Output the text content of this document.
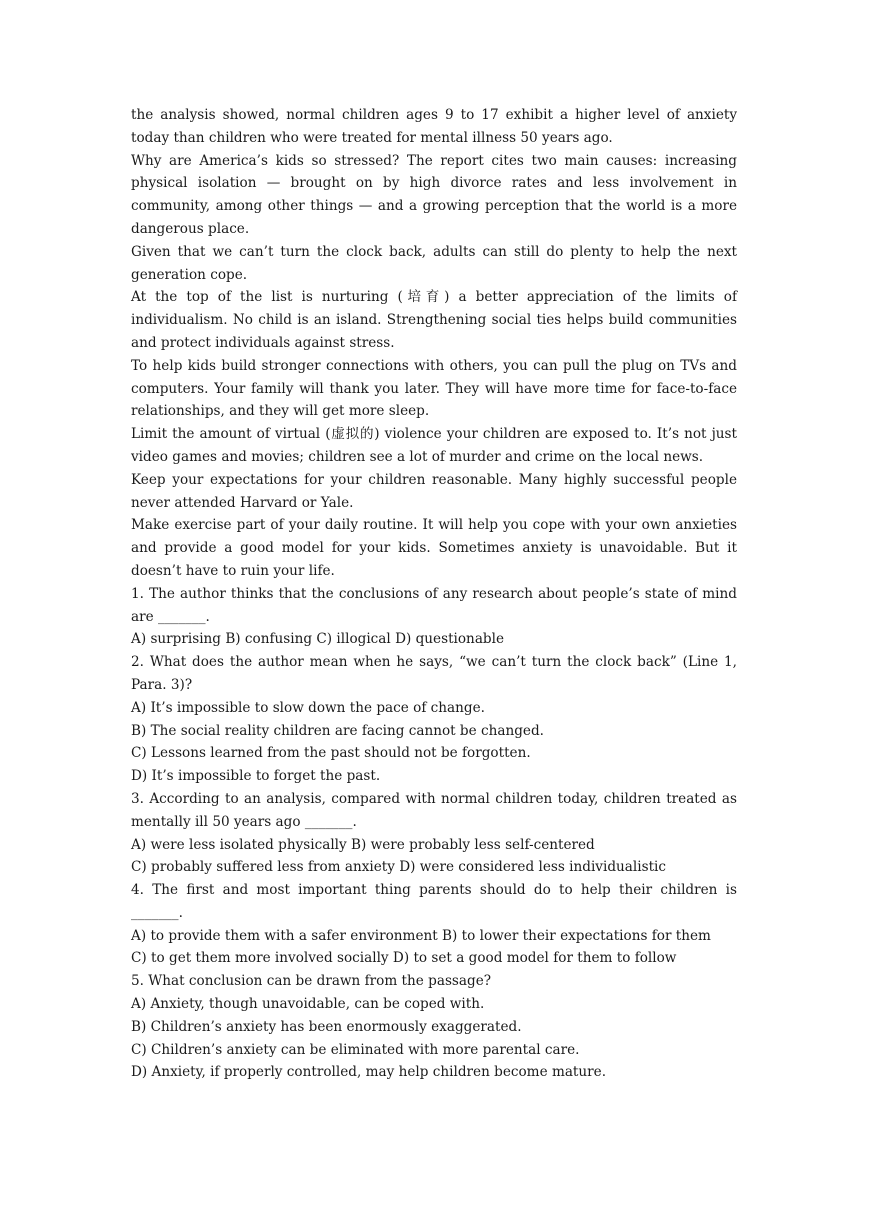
the analysis showed, normal children ages 9 to 17 exhibit a higher level of anxiety today than children who were treated for mental illness 50 years ago.

Why are America’s kids so stressed? The report cites two main causes: increasing physical isolation — brought on by high divorce rates and less involvement in community, among other things — and a growing perception that the world is a more dangerous place.

Given that we can’t turn the clock back, adults can still do plenty to help the next generation cope.

At the top of the list is nurturing (培育) a better appreciation of the limits of individualism. No child is an island. Strengthening social ties helps build communities and protect individuals against stress.

To help kids build stronger connections with others, you can pull the plug on TVs and computers. Your family will thank you later. They will have more time for face-to-face relationships, and they will get more sleep.

Limit the amount of virtual (虚拟的) violence your children are exposed to. It’s not just video games and movies; children see a lot of murder and crime on the local news.

Keep your expectations for your children reasonable. Many highly successful people never attended Harvard or Yale.

Make exercise part of your daily routine. It will help you cope with your own anxieties and provide a good model for your kids. Sometimes anxiety is unavoidable. But it doesn’t have to ruin your life.

1. The author thinks that the conclusions of any research about people’s state of mind are _______.

A) surprising B) confusing C) illogical D) questionable

2. What does the author mean when he says, “we can’t turn the clock back” (Line 1, Para. 3)?

A) It’s impossible to slow down the pace of change.

B) The social reality children are facing cannot be changed.

C) Lessons learned from the past should not be forgotten.

D) It’s impossible to forget the past.

3. According to an analysis, compared with normal children today, children treated as mentally ill 50 years ago _______.

A) were less isolated physically B) were probably less self-centered

C) probably suffered less from anxiety D) were considered less individualistic

4. The first and most important thing parents should do to help their children is _______.

A) to provide them with a safer environment B) to lower their expectations for them

C) to get them more involved socially D) to set a good model for them to follow

5. What conclusion can be drawn from the passage?

A) Anxiety, though unavoidable, can be coped with.

B) Children’s anxiety has been enormously exaggerated.

C) Children’s anxiety can be eliminated with more parental care.

D) Anxiety, if properly controlled, may help children become mature.
